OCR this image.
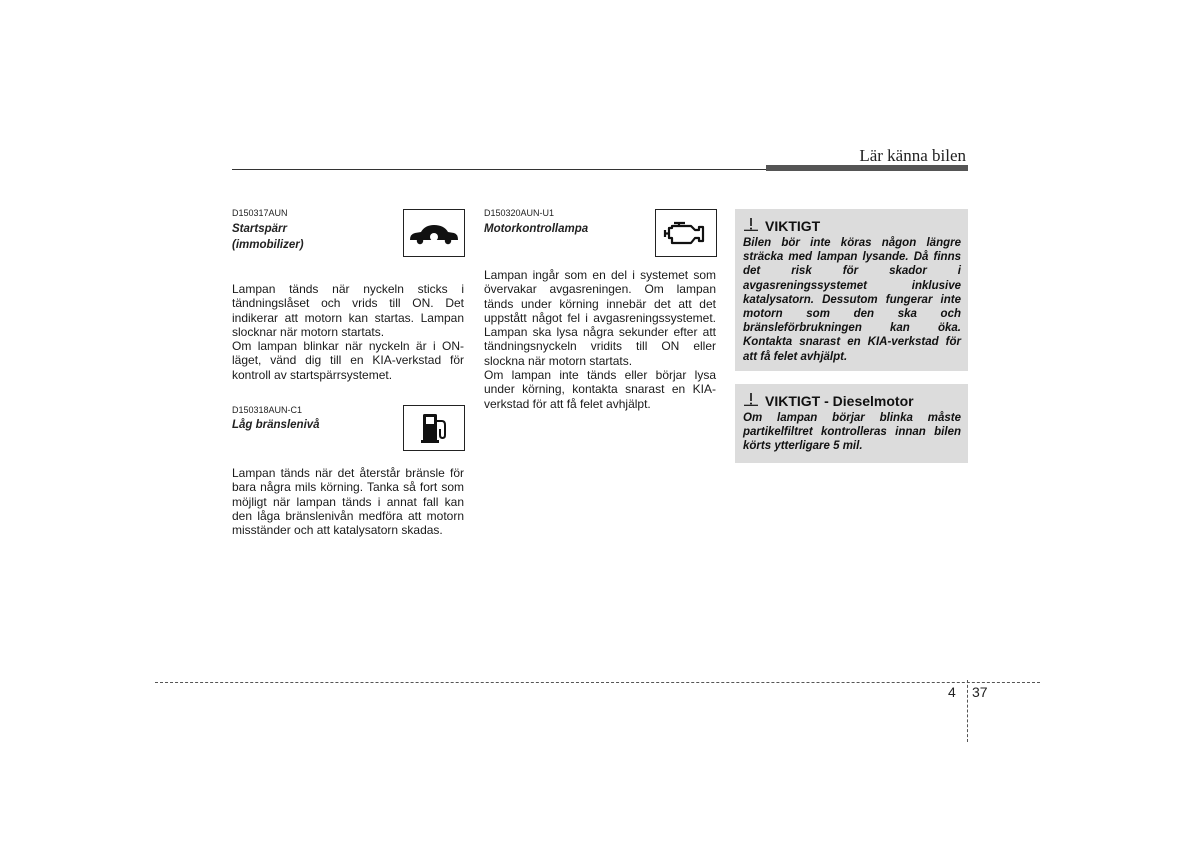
Lär känna bilen
D150317AUN
Startspärr
(immobilizer)

Lampan tänds när nyckeln sticks i tändningslåset och vrids till ON. Det indikerar att motorn kan startas. Lampan slocknar när motorn startats.

Om lampan blinkar när nyckeln är i ON-läget, vänd dig till en KIA-verkstad för kontroll av startspärrsystemet.

D150318AUN-C1
Låg bränslenivå

Lampan tänds när det återstår bränsle för bara några mils körning. Tanka så fort som möjligt när lampan tänds i annat fall kan den låga bränslenivån medföra att motorn misständer och att katalysatorn skadas.

D150320AUN-U1
Motorkontrollampa

Lampan ingår som en del i systemet som övervakar avgasreningen. Om lampan tänds under körning innebär det att det uppstått något fel i avgasreningssystemet. Lampan ska lysa några sekunder efter att tändningsnyckeln vridits till ON eller slockna när motorn startats.

Om lampan inte tänds eller börjar lysa under körning, kontakta snarast en KIA-verkstad för att få felet avhjälpt.

VIKTIGT
Bilen bör inte köras någon längre sträcka med lampan lysande. Då finns det risk för skador i avgasreningssystemet inklusive katalysatorn. Dessutom fungerar inte motorn som den ska och bränsleförbrukningen kan öka. Kontakta snarast en KIA-verkstad för att få felet avhjälpt.
VIKTIGT - Dieselmotor
Om lampan börjar blinka måste partikelfiltret kontrolleras innan bilen körts ytterligare 5 mil.
4 37
